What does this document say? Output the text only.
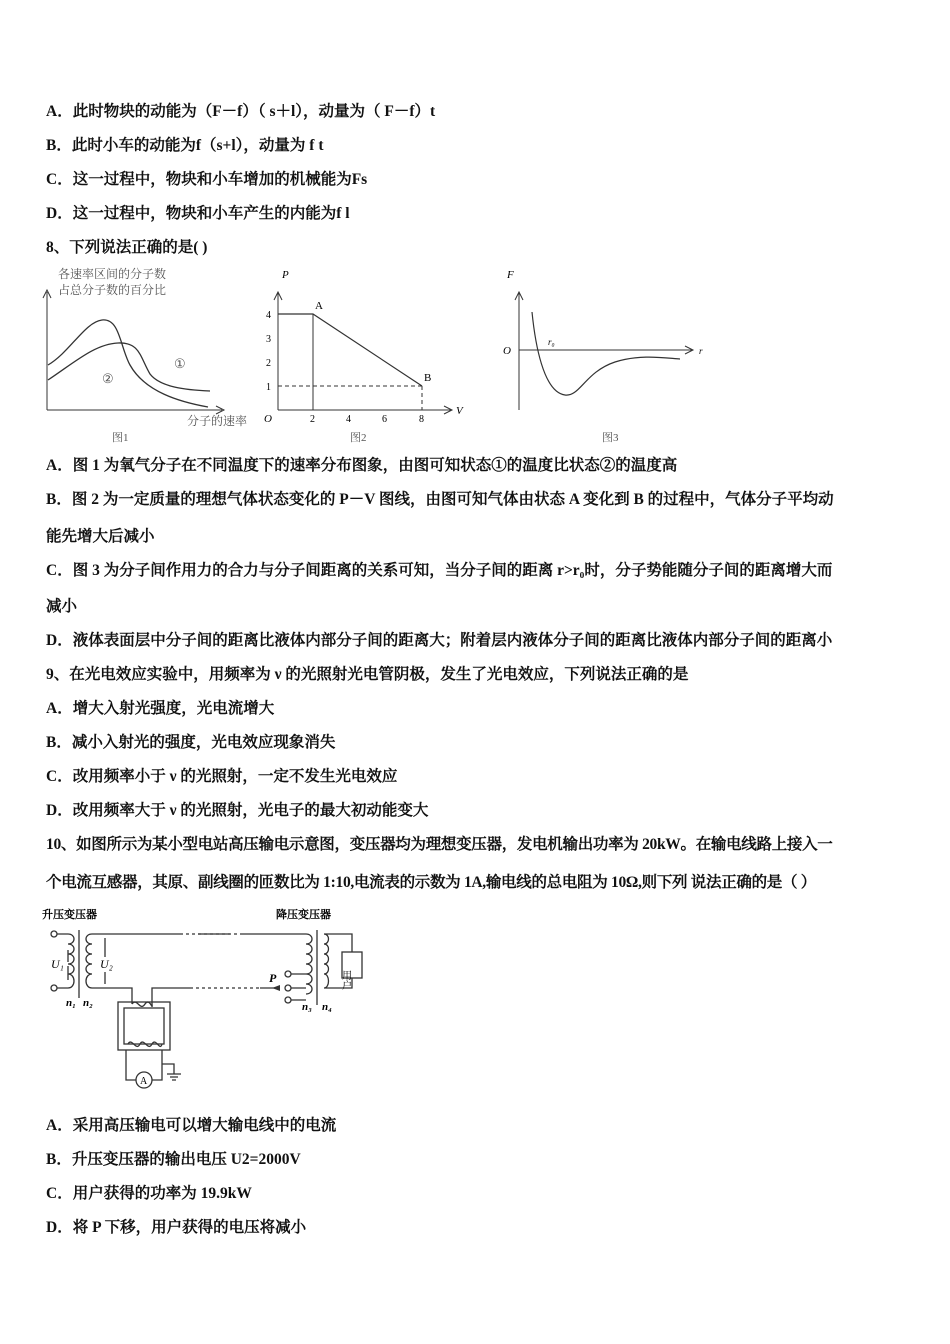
A．此时物块的动能为（F－f）（ s＋l），动量为（ F－f）t
B．此时小车的动能为f（s+l），动量为 f t
C．这一过程中，物块和小车增加的机械能为Fs
D．这一过程中，物块和小车产生的内能为f l
8、下列说法正确的是( )
各速率区间的分子数
占总分子数的百分比
①
②
分子的速率
图1
P
A
B
1
2
3
4
O	2	4	6	8
V
图2
F
O
r₀
r
图3
A．图 1 为氧气分子在不同温度下的速率分布图象，由图可知状态①的温度比状态②的温度高
B．图 2 为一定质量的理想气体状态变化的 P－V 图线，由图可知气体由状态 A 变化到 B 的过程中，气体分子平均动
能先增大后减小
C．图 3 为分子间作用力的合力与分子间距离的关系可知，当分子间的距离 r>r₀时，分子势能随分子间的距离增大而
减小
D．液体表面层中分子间的距离比液体内部分子间的距离大；附着层内液体分子间的距离比液体内部分子间的距离小
9、在光电效应实验中，用频率为 ν 的光照射光电管阴极，发生了光电效应，下列说法正确的是
A．增大入射光强度，光电流增大
B．减小入射光的强度，光电效应现象消失
C．改用频率小于 ν 的光照射，一定不发生光电效应
D．改用频率大于 ν 的光照射，光电子的最大初动能变大
10、如图所示为某小型电站高压输电示意图，变压器均为理想变压器，发电机输出功率为 20kW。在输电线路上接入一
个电流互感器，其原、副线圈的匝数比为 1:10,电流表的示数为 1A,输电线的总电阻为 10Ω,则下列 说法正确的是（ ）
升压变压器	降压变压器
U₁	U₂
n₁ n₂	n₃ n₄
P	用户
A
A．采用高压输电可以增大输电线中的电流
B．升压变压器的输出电压 U2=2000V
C．用户获得的功率为 19.9kW
D．将 P 下移，用户获得的电压将减小
